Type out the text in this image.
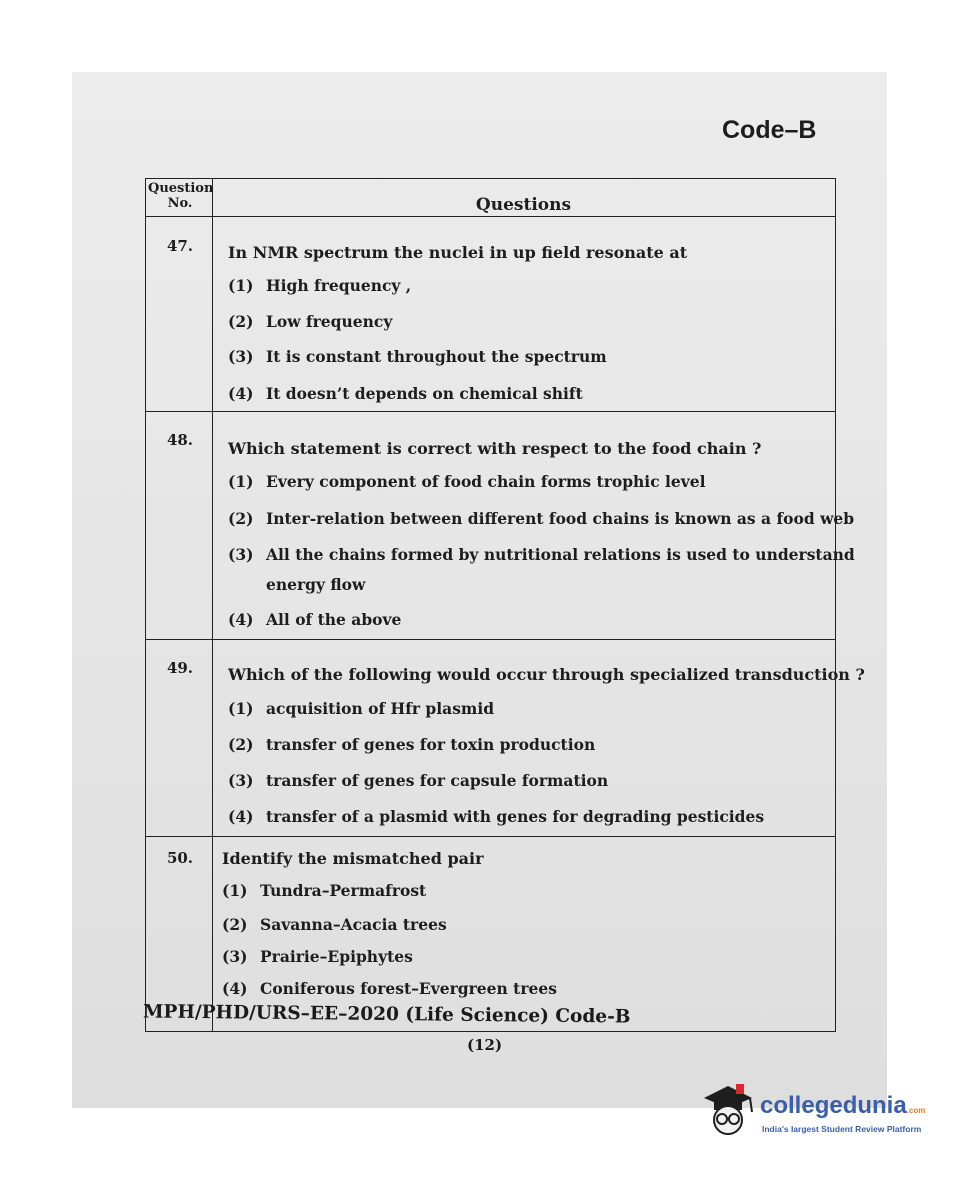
Code–B
Question No.	Questions
47.	In NMR spectrum the nuclei in up field resonate at
(1) High frequency ,
(2) Low frequency
(3) It is constant throughout the spectrum
(4) It doesn’t depends on chemical shift
48.	Which statement is correct with respect to the food chain ?
(1) Every component of food chain forms trophic level
(2) Inter-relation between different food chains is known as a food web
(3) All the chains formed by nutritional relations is used to understand
energy flow
(4) All of the above
49.	Which of the following would occur through specialized transduction ?
(1) acquisition of Hfr plasmid
(2) transfer of genes for toxin production
(3) transfer of genes for capsule formation
(4) transfer of a plasmid with genes for degrading pesticides
50.	Identify the mismatched pair
(1) Tundra–Permafrost
(2) Savanna–Acacia trees
(3) Prairie–Epiphytes
(4) Coniferous forest–Evergreen trees
MPH/PHD/URS–EE–2020 (Life Science) Code-B
(12)
collegedunia.com
India's largest Student Review Platform
